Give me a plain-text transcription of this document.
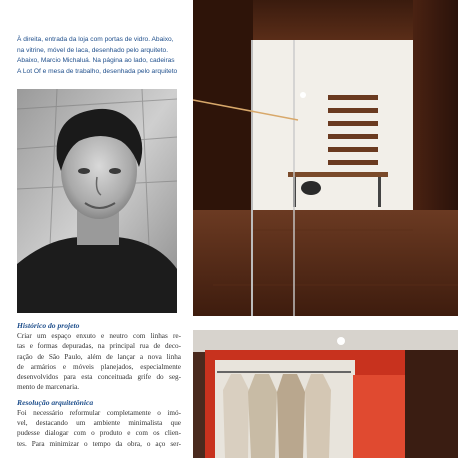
À direita, entrada da loja com portas de vidro. Abaixo,
na vitrine, móvel de laca, desenhado pelo arquiteto.
Abaixo, Marcio Michaluá. Na página ao lado, cadeiras
A Lot Of e mesa de trabalho, desenhada pelo arquiteto

Histórico do projeto

Criar um espaço enxuto e neutro com linhas re-
tas e formas depuradas, na principal rua de deco-
ração de São Paulo, além de lançar a nova linha
de armários e móveis planejados, especialmente
desenvolvidos para esta conceituada grife do seg-
mento de marcenaria.

Resolução arquitetônica

Foi necessário reformular completamente o imó-
vel, destacando um ambiente minimalista que
pudesse dialogar com o produto e com os clien-
tes. Para minimizar o tempo da obra, o aço ser-
